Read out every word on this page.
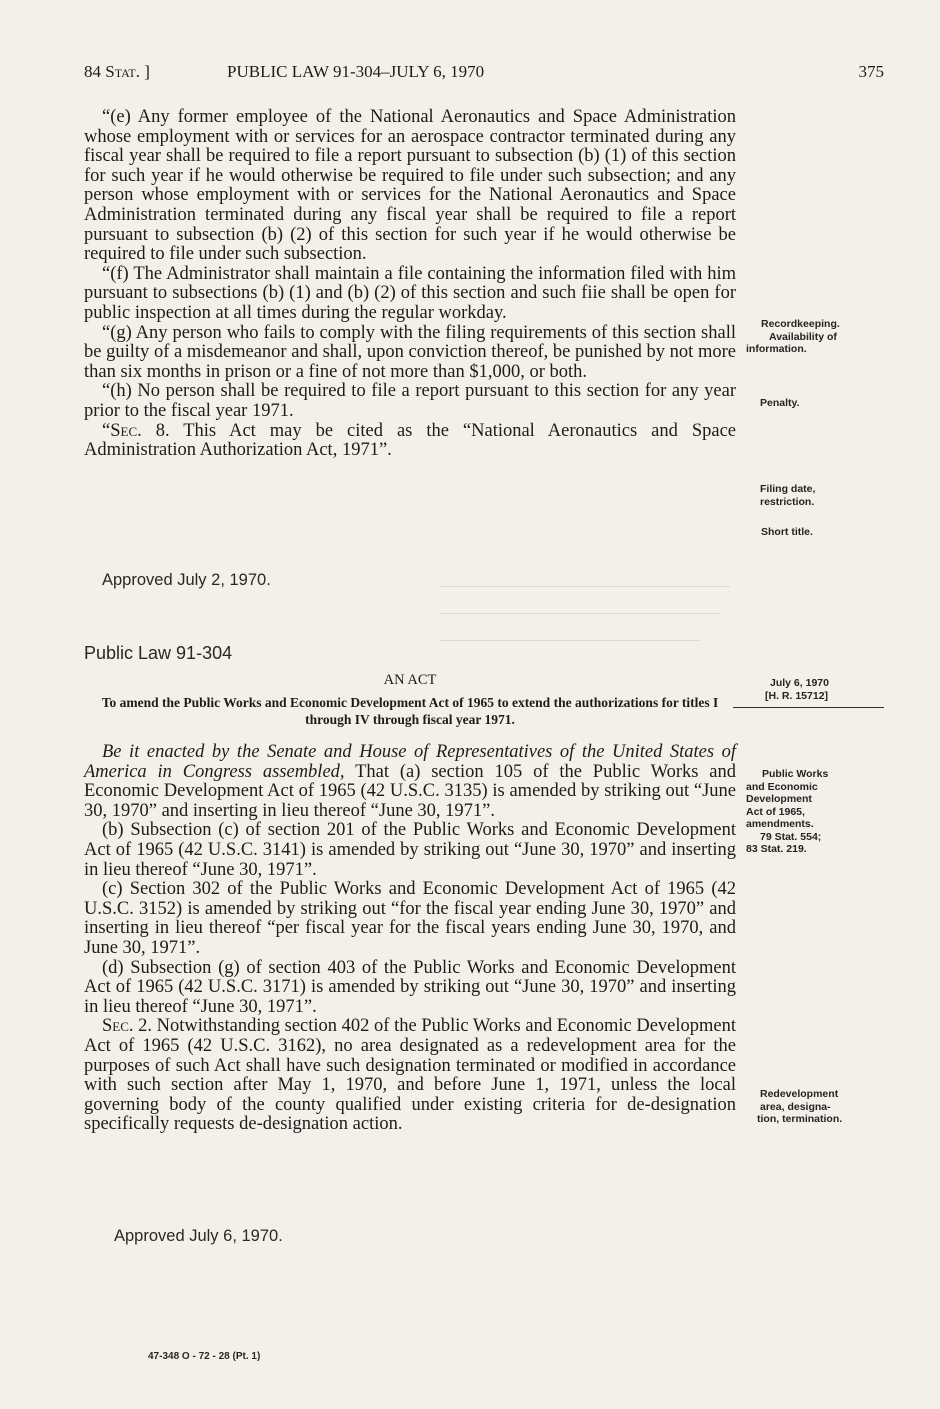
84 Stat. ]	PUBLIC LAW 91-304–JULY 6, 1970	375

“(e) Any former employee of the National Aeronautics and Space Administration whose employment with or services for an aerospace contractor terminated during any fiscal year shall be required to file a report pursuant to subsection (b) (1) of this section for such year if he would otherwise be required to file under such subsection; and any person whose employment with or services for the National Aeronautics and Space Administration terminated during any fiscal year shall be required to file a report pursuant to subsection (b) (2) of this section for such year if he would otherwise be required to file under such subsection.

“(f) The Administrator shall maintain a file containing the information filed with him pursuant to subsections (b) (1) and (b) (2) of this section and such fiie shall be open for public inspection at all times during the regular workday.

“(g) Any person who fails to comply with the filing requirements of this section shall be guilty of a misdemeanor and shall, upon conviction thereof, be punished by not more than six months in prison or a fine of not more than $1,000, or both.

“(h) No person shall be required to file a report pursuant to this section for any year prior to the fiscal year 1971.

“Sec. 8. This Act may be cited as the “National Aeronautics and Space Administration Authorization Act, 1971”.

Approved July 2, 1970.
Public Law 91-304
AN ACT
To amend the Public Works and Economic Development Act of 1965 to extend the authorizations for titles I through IV through fiscal year 1971.

Be it enacted by the Senate and House of Representatives of the United States of America in Congress assembled, That (a) section 105 of the Public Works and Economic Development Act of 1965 (42 U.S.C. 3135) is amended by striking out “June 30, 1970” and inserting in lieu thereof “June 30, 1971”.

(b) Subsection (c) of section 201 of the Public Works and Economic Development Act of 1965 (42 U.S.C. 3141) is amended by striking out “June 30, 1970” and inserting in lieu thereof “June 30, 1971”.

(c) Section 302 of the Public Works and Economic Development Act of 1965 (42 U.S.C. 3152) is amended by striking out “for the fiscal year ending June 30, 1970” and inserting in lieu thereof “per fiscal year for the fiscal years ending June 30, 1970, and June 30, 1971”.

(d) Subsection (g) of section 403 of the Public Works and Economic Development Act of 1965 (42 U.S.C. 3171) is amended by striking out “June 30, 1970” and inserting in lieu thereof “June 30, 1971”.

Sec. 2. Notwithstanding section 402 of the Public Works and Economic Development Act of 1965 (42 U.S.C. 3162), no area designated as a redevelopment area for the purposes of such Act shall have such designation terminated or modified in accordance with such section after May 1, 1970, and before June 1, 1971, unless the local governing body of the county qualified under existing criteria for de-designation specifically requests de-designation action.

Approved July 6, 1970.
Recordkeeping.
Availability of
information.
Penalty.
Filing date,
restriction.
Short title.
July 6, 1970
[H. R. 15712]
Public Works
and Economic
Development
Act of 1965,
amendments.
79 Stat. 554;
83 Stat. 219.
Redevelopment
area, designa-
tion, termination.
47-348 O - 72 - 28 (Pt. 1)
